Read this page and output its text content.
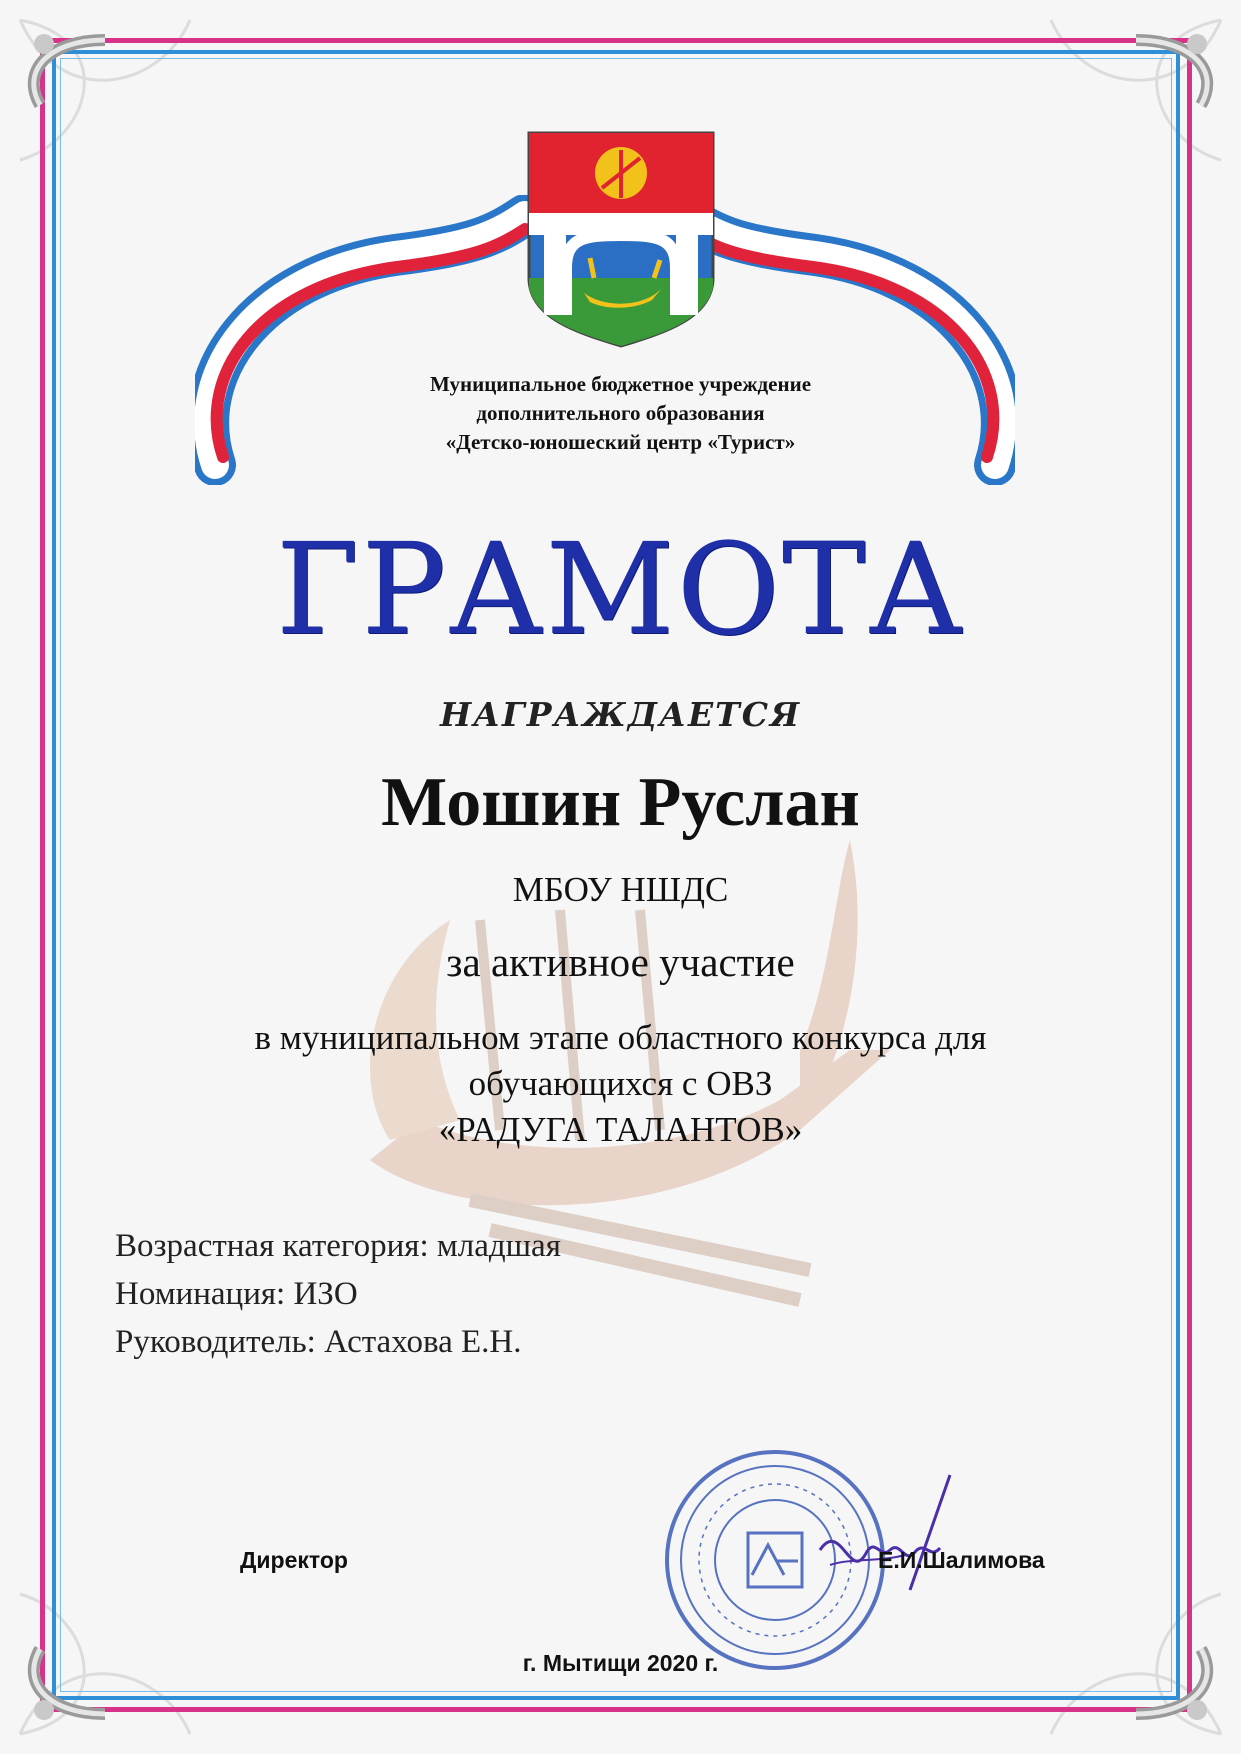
Муниципальное бюджетное учреждение
дополнительного образования
«Детско-юношеский центр «Турист»
ГРАМОТА
НАГРАЖДАЕТСЯ
Мошин Руслан
МБОУ НШДС
за активное участие
в муниципальном этапе областного конкурса для
обучающихся с ОВЗ
«РАДУГА ТАЛАНТОВ»
Возрастная категория: младшая
Номинация: ИЗО
Руководитель: Астахова Е.Н.
Директор	Е.И.Шалимова
г. Мытищи 2020 г.
